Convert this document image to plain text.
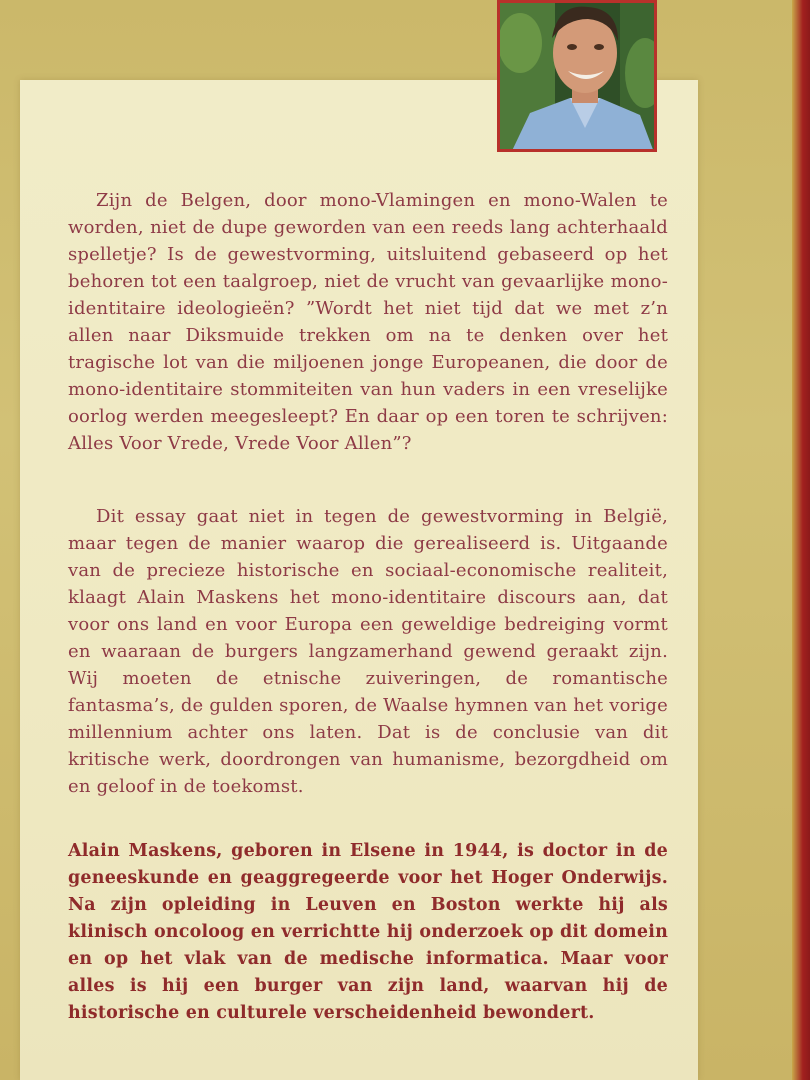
Zijn de Belgen, door mono-Vlamingen en mono-Walen te worden, niet de dupe geworden van een reeds lang achterhaald spelletje? Is de gewestvorming, uitsluitend gebaseerd op het behoren tot een taalgroep, niet de vrucht van gevaarlijke mono-identitaire ideologieën? ”Wordt het niet tijd dat we met z’n allen naar Diksmuide trekken om na te denken over het tragische lot van die miljoenen jonge Europeanen, die door de mono-identitaire stommiteiten van hun vaders in een vreselijke oorlog werden meegesleept? En daar op een toren te schrijven: Alles Voor Vrede, Vrede Voor Allen”?

Dit essay gaat niet in tegen de gewestvorming in België, maar tegen de manier waarop die gerealiseerd is. Uitgaande van de precieze historische en sociaal-economische realiteit, klaagt Alain Maskens het mono-identitaire discours aan, dat voor ons land en voor Europa een geweldige bedreiging vormt en waaraan de burgers langzamerhand gewend geraakt zijn. Wij moeten de etnische zuiveringen, de romantische fantasma’s, de gulden sporen, de Waalse hymnen van het vorige millennium achter ons laten. Dat is de conclusie van dit kritische werk, doordrongen van humanisme, bezorgdheid om en geloof in de toekomst.

Alain Maskens, geboren in Elsene in 1944, is doctor in de geneeskunde en geaggregeerde voor het Hoger Onderwijs. Na zijn opleiding in Leuven en Boston werkte hij als klinisch oncoloog en verrichtte hij onderzoek op dit domein en op het vlak van de medische informatica. Maar voor alles is hij een burger van zijn land, waarvan hij de historische en culturele verscheidenheid bewondert.
